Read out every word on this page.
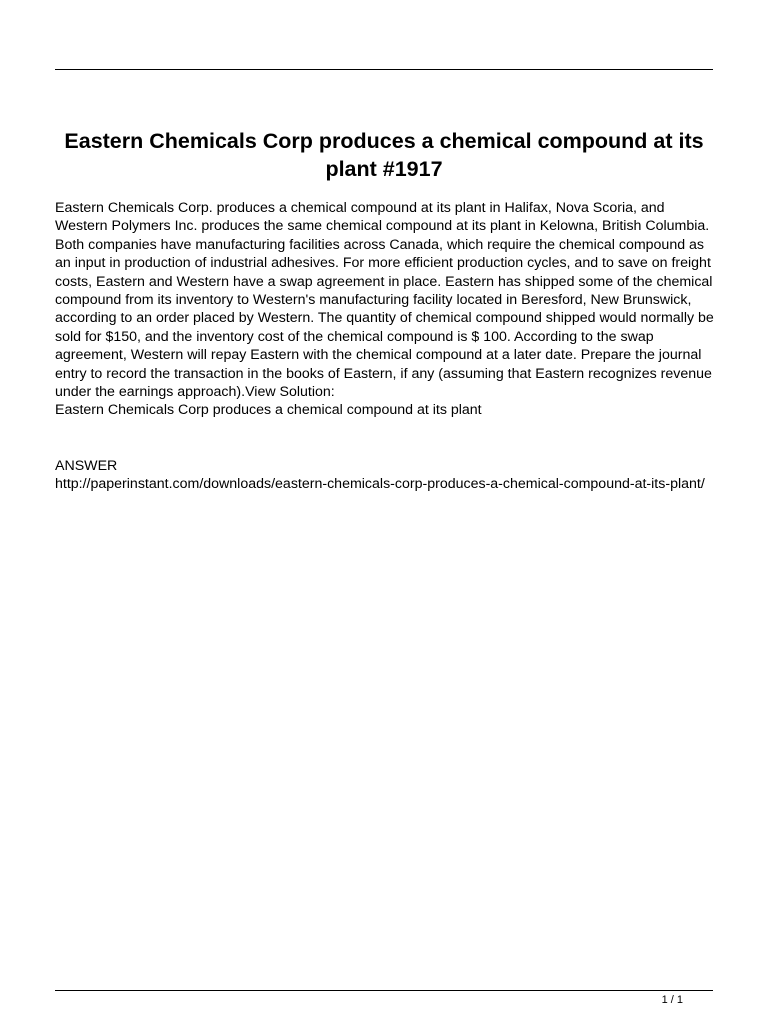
Eastern Chemicals Corp produces a chemical compound at its plant #1917

Eastern Chemicals Corp. produces a chemical compound at its plant in Halifax, Nova Scoria, and Western Polymers Inc. produces the same chemical compound at its plant in Kelowna, British Columbia. Both companies have manufacturing facilities across Canada, which require the chemical compound as an input in production of industrial adhesives. For more efficient production cycles, and to save on freight costs, Eastern and Western have a swap agreement in place. Eastern has shipped some of the chemical compound from its inventory to Western's manufacturing facility located in Beresford, New Brunswick, according to an order placed by Western. The quantity of chemical compound shipped would normally be sold for $150, and the inventory cost of the chemical compound is $ 100. According to the swap agreement, Western will repay Eastern with the chemical compound at a later date. Prepare the journal entry to record the transaction in the books of Eastern, if any (assuming that Eastern recognizes revenue under the earnings approach).View Solution:

Eastern Chemicals Corp produces a chemical compound at its plant

ANSWER

http://paperinstant.com/downloads/eastern-chemicals-corp-produces-a-chemical-compound-at-its-plant/

1 / 1
